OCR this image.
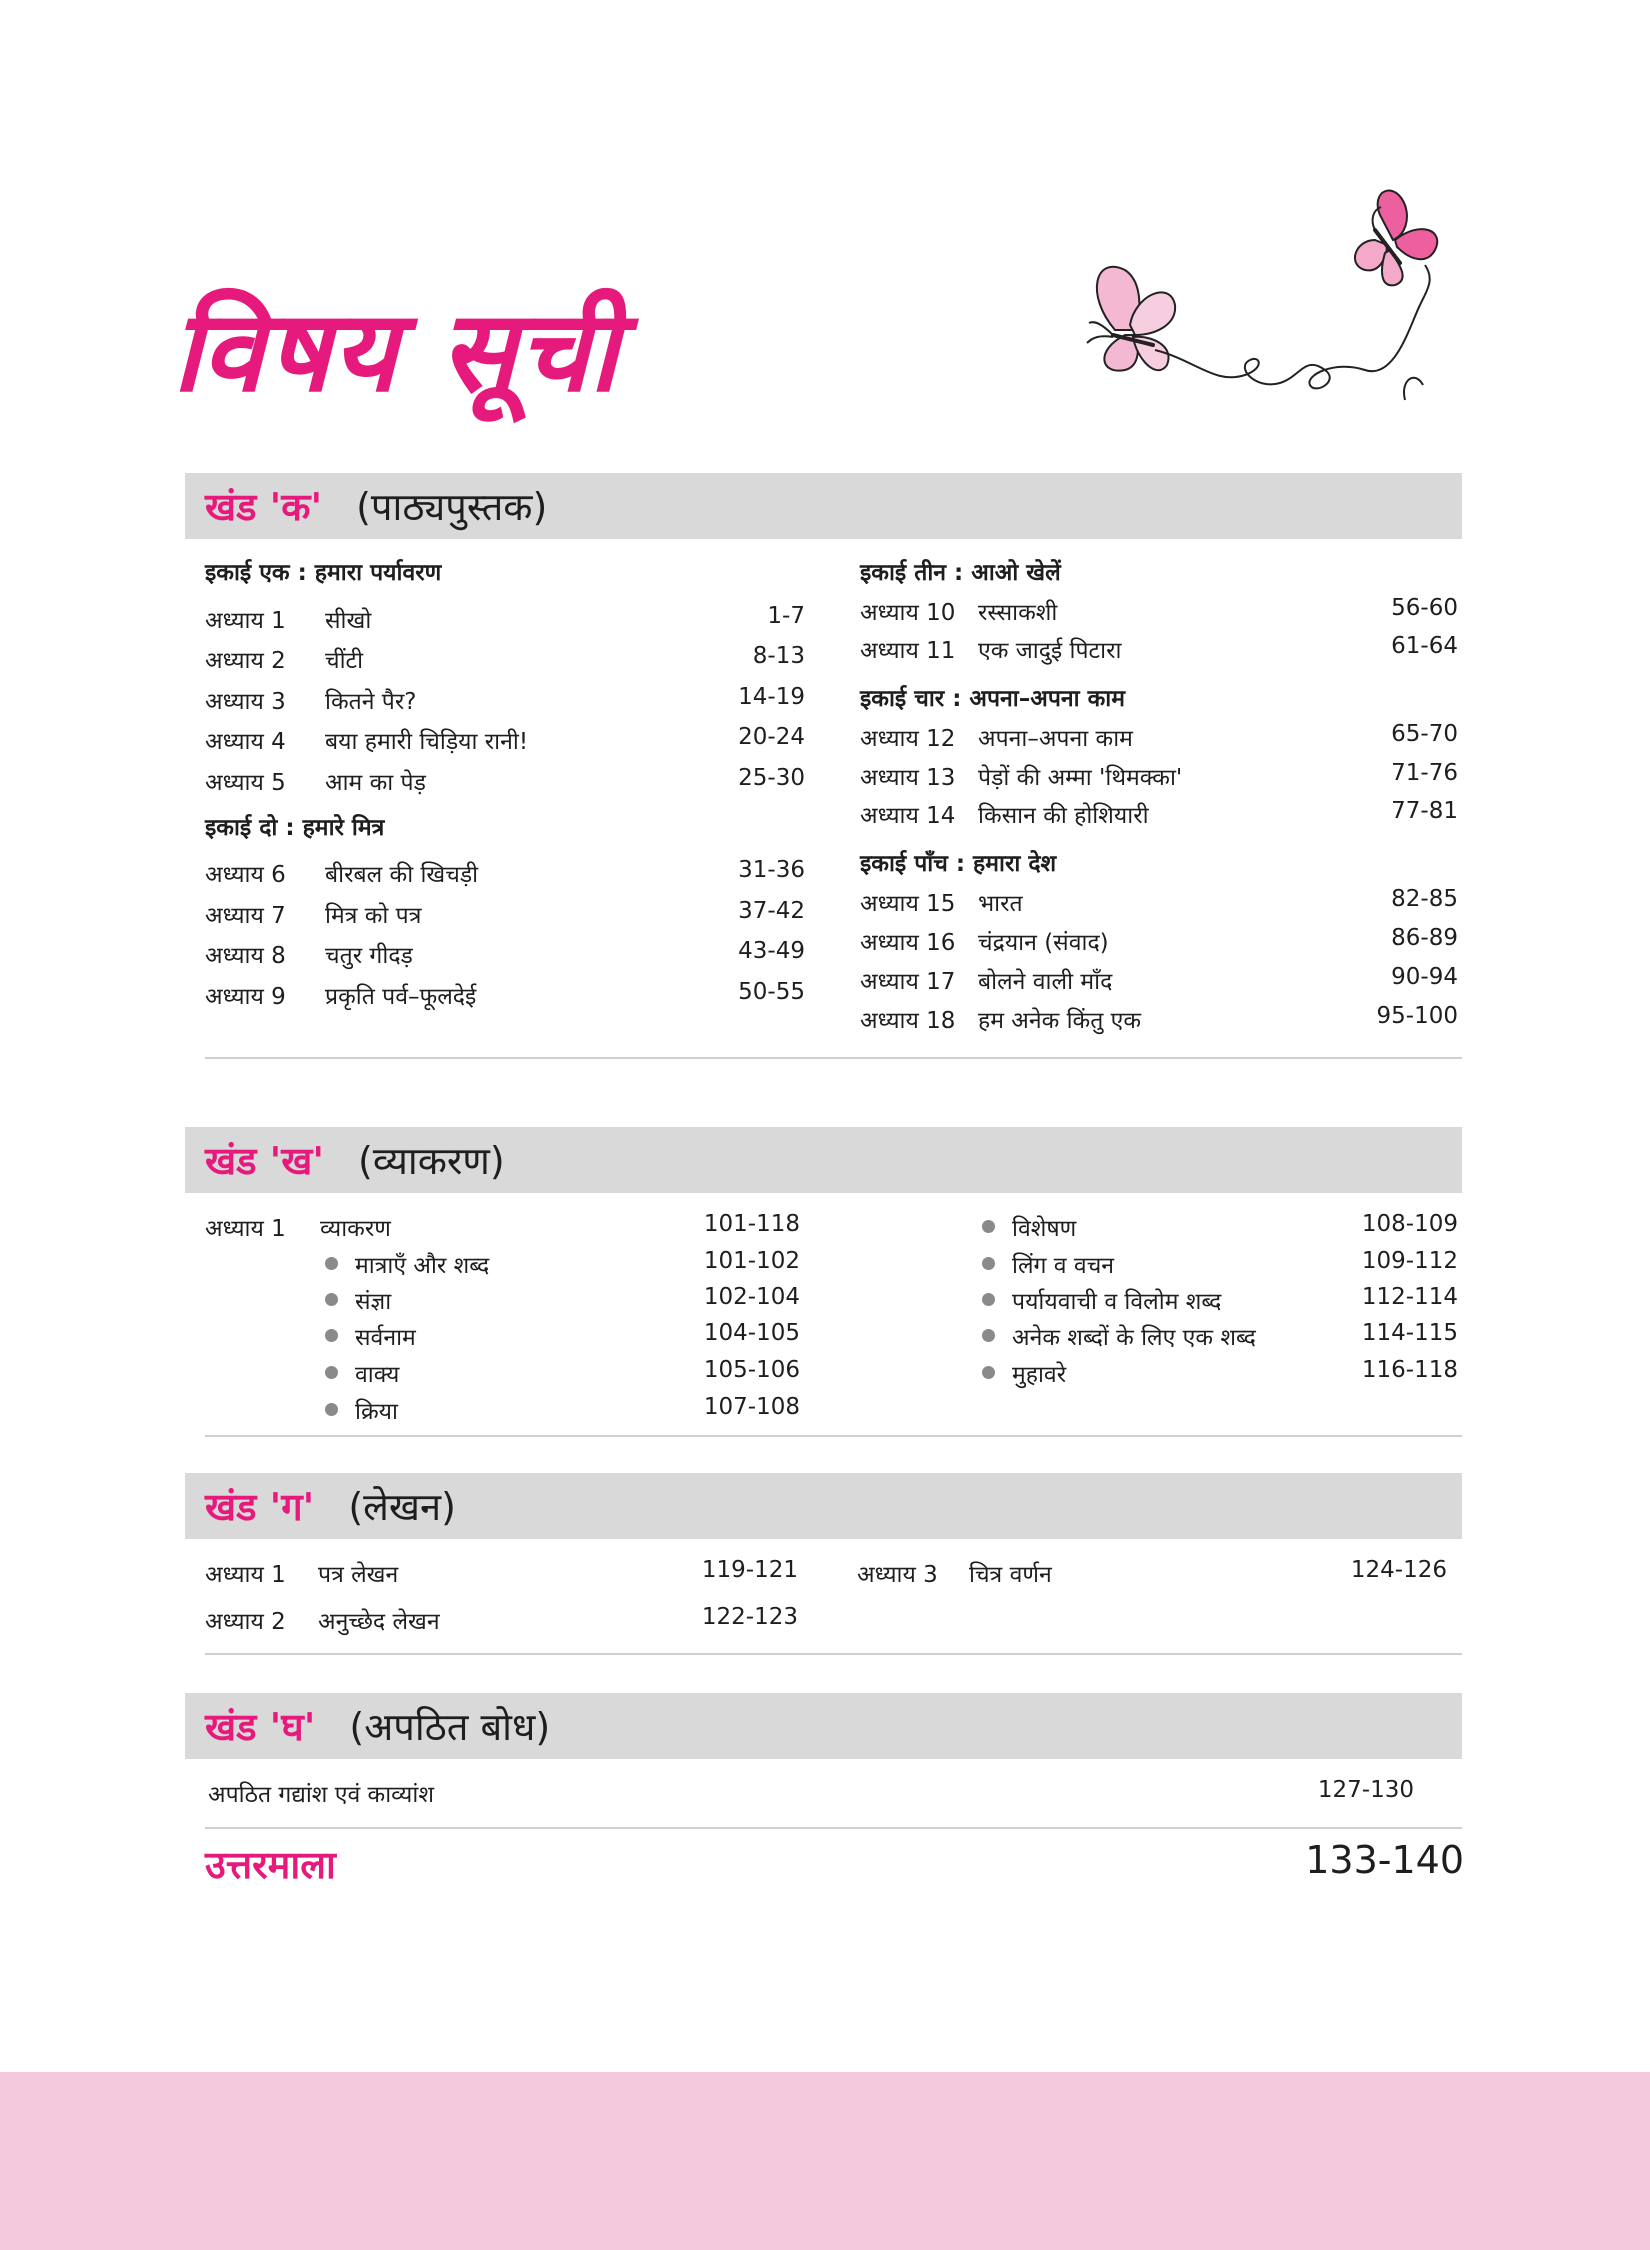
विषय सूची
खंड 'क' (पाठ्यपुस्तक)
इकाई एक : हमारा पर्यावरण
अध्याय 1 सीखो	1-7
अध्याय 2 चींटी	8-13
अध्याय 3 कितने पैर?	14-19
अध्याय 4 बया हमारी चिड़िया रानी!	20-24
अध्याय 5 आम का पेड़	25-30
इकाई दो : हमारे मित्र
अध्याय 6 बीरबल की खिचड़ी	31-36
अध्याय 7 मित्र को पत्र	37-42
अध्याय 8 चतुर गीदड़	43-49
अध्याय 9 प्रकृति पर्व–फूलदेई	50-55
इकाई तीन : आओ खेलें
अध्याय 10 रस्साकशी	56-60
अध्याय 11 एक जादुई पिटारा	61-64
इकाई चार : अपना–अपना काम
अध्याय 12 अपना–अपना काम	65-70
अध्याय 13 पेड़ों की अम्मा 'थिमक्का'	71-76
अध्याय 14 किसान की होशियारी	77-81
इकाई पाँच : हमारा देश
अध्याय 15 भारत	82-85
अध्याय 16 चंद्रयान (संवाद)	86-89
अध्याय 17 बोलने वाली माँद	90-94
अध्याय 18 हम अनेक किंतु एक	95-100
खंड 'ख' (व्याकरण)
अध्याय 1 व्याकरण	101-118
मात्राएँ और शब्द	101-102
संज्ञा	102-104
सर्वनाम	104-105
वाक्य	105-106
क्रिया	107-108
विशेषण	108-109
लिंग व वचन	109-112
पर्यायवाची व विलोम शब्द	112-114
अनेक शब्दों के लिए एक शब्द	114-115
मुहावरे	116-118
खंड 'ग' (लेखन)
अध्याय 1 पत्र लेखन	119-121
अध्याय 2 अनुच्छेद लेखन	122-123
अध्याय 3 चित्र वर्णन	124-126
खंड 'घ' (अपठित बोध)
अपठित गद्यांश एवं काव्यांश	127-130
उत्तरमाला	133-140
